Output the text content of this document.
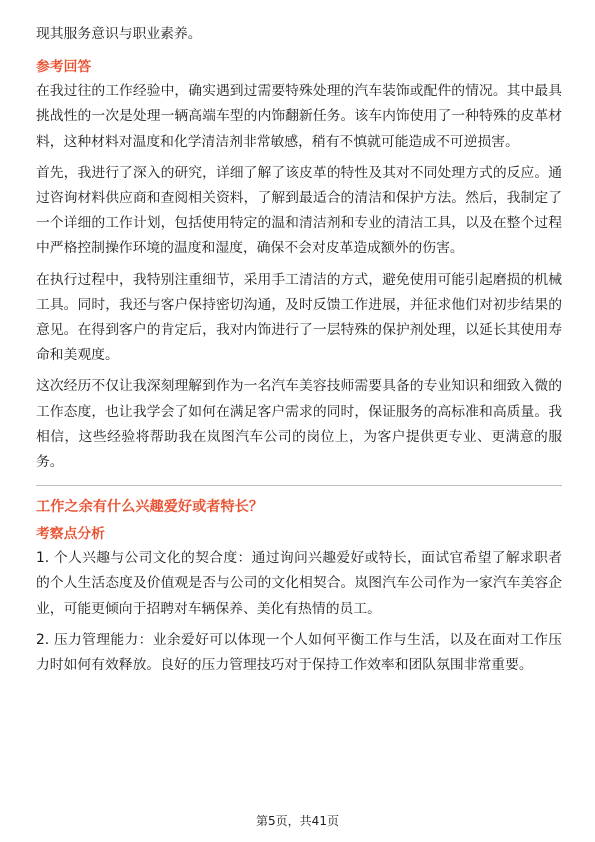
现其服务意识与职业素养。

参考回答

在我过往的工作经验中，确实遇到过需要特殊处理的汽车装饰或配件的情况。其中最具挑战性的一次是处理一辆高端车型的内饰翻新任务。该车内饰使用了一种特殊的皮革材料，这种材料对温度和化学清洁剂非常敏感，稍有不慎就可能造成不可逆损害。

首先，我进行了深入的研究，详细了解了该皮革的特性及其对不同处理方式的反应。通过咨询材料供应商和查阅相关资料，了解到最适合的清洁和保护方法。然后，我制定了一个详细的工作计划，包括使用特定的温和清洁剂和专业的清洁工具，以及在整个过程中严格控制操作环境的温度和湿度，确保不会对皮革造成额外的伤害。

在执行过程中，我特别注重细节，采用手工清洁的方式，避免使用可能引起磨损的机械工具。同时，我还与客户保持密切沟通，及时反馈工作进展，并征求他们对初步结果的意见。在得到客户的肯定后，我对内饰进行了一层特殊的保护剂处理，以延长其使用寿命和美观度。

这次经历不仅让我深刻理解到作为一名汽车美容技师需要具备的专业知识和细致入微的工作态度，也让我学会了如何在满足客户需求的同时，保证服务的高标准和高质量。我相信，这些经验将帮助我在岚图汽车公司的岗位上，为客户提供更专业、更满意的服务。

工作之余有什么兴趣爱好或者特长？
考察点分析

1. 个人兴趣与公司文化的契合度：通过询问兴趣爱好或特长，面试官希望了解求职者的个人生活态度及价值观是否与公司的文化相契合。岚图汽车公司作为一家汽车美容企业，可能更倾向于招聘对车辆保养、美化有热情的员工。

2. 压力管理能力：业余爱好可以体现一个人如何平衡工作与生活，以及在面对工作压力时如何有效释放。良好的压力管理技巧对于保持工作效率和团队氛围非常重要。

第5页，共41页
